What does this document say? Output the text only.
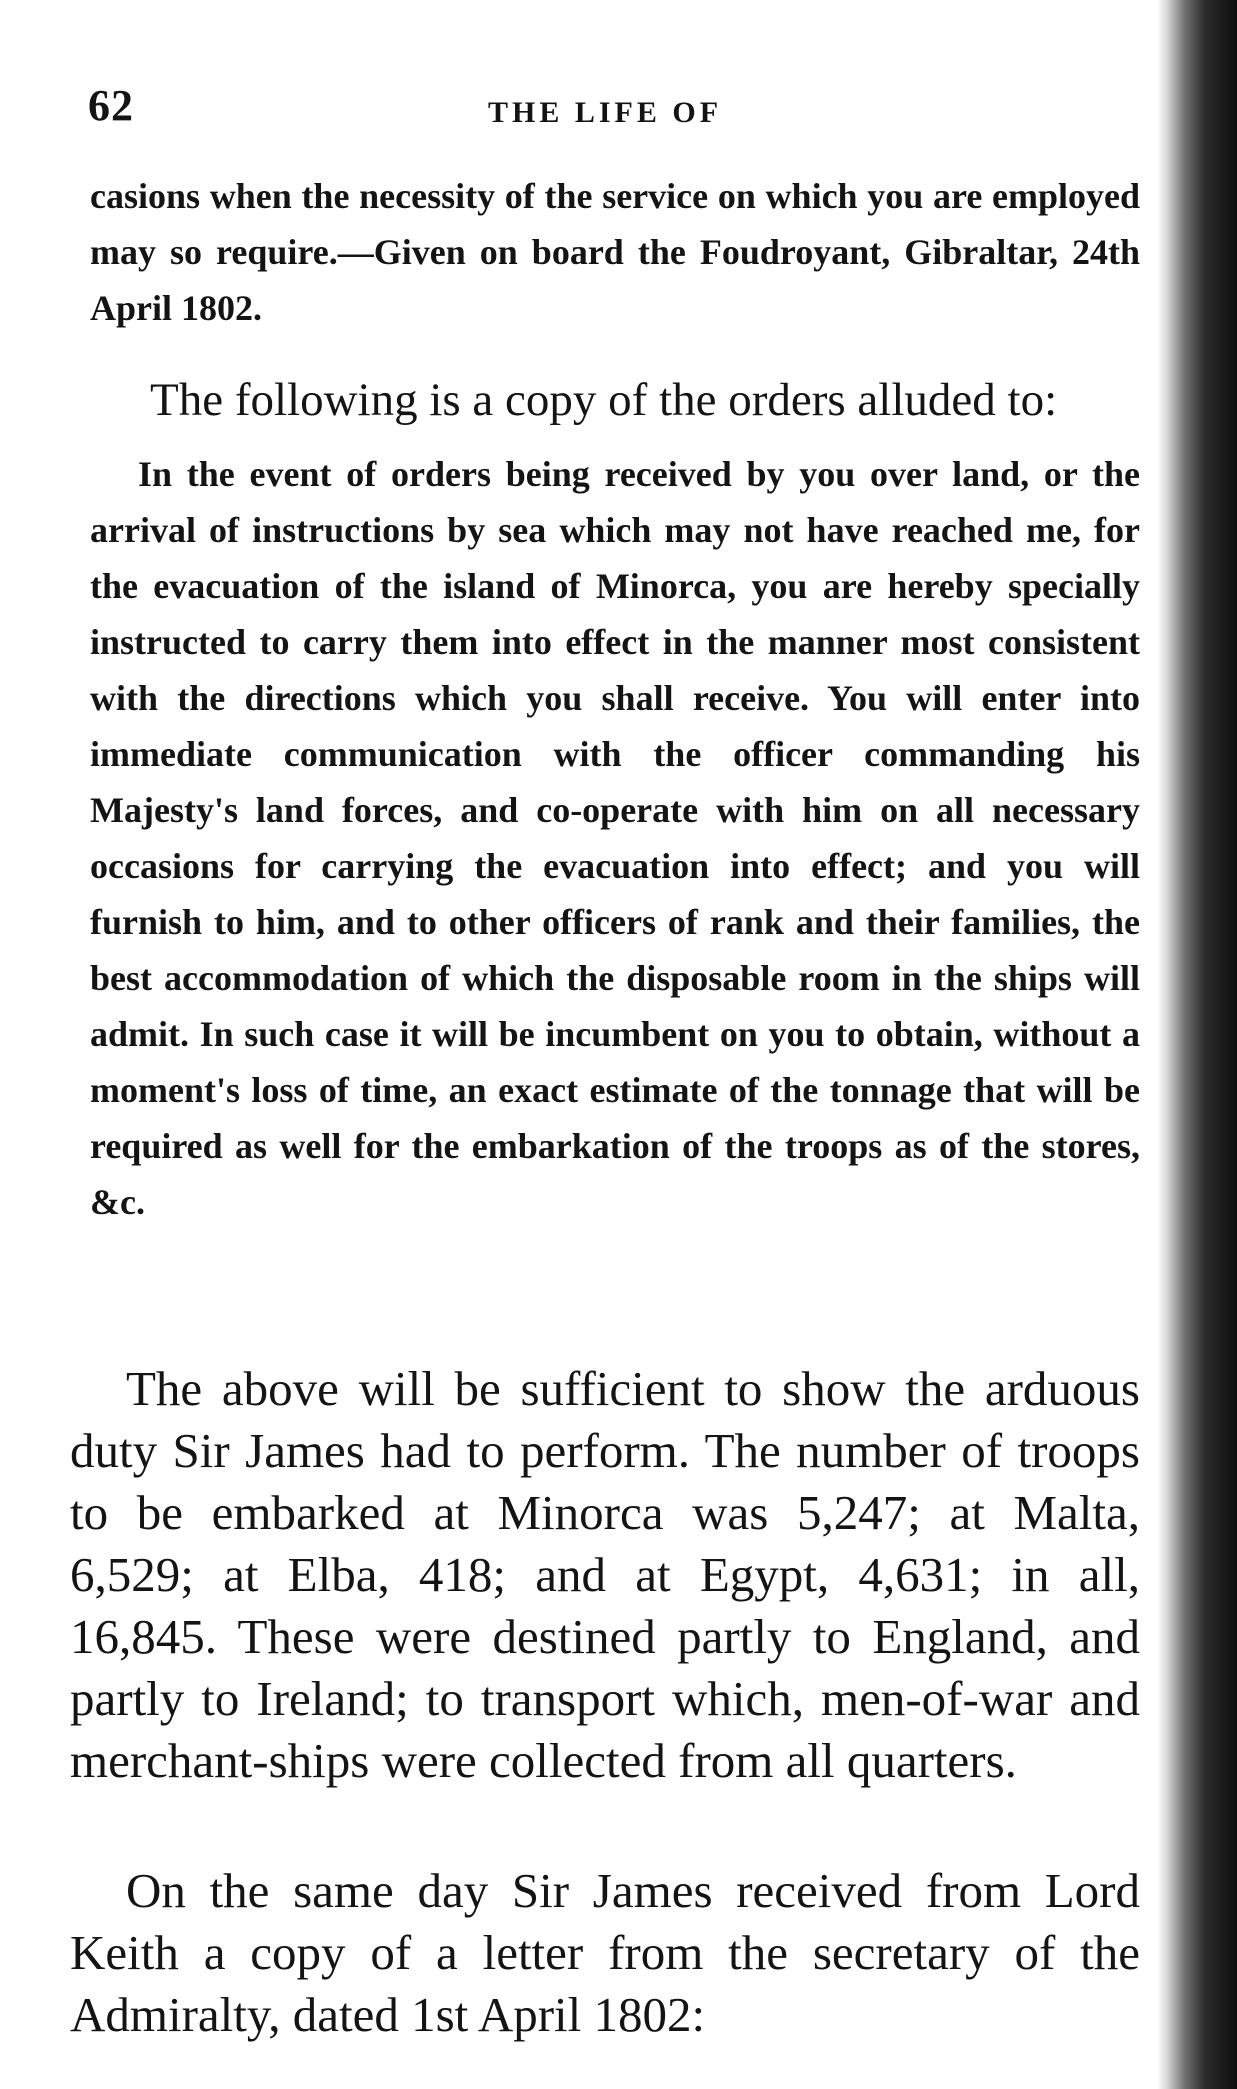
62	THE LIFE OF

casions when the necessity of the service on which you are employed may so require.—Given on board the Foudroyant, Gibraltar, 24th April 1802.

The following is a copy of the orders alluded to:

In the event of orders being received by you over land, or the arrival of instructions by sea which may not have reached me, for the evacuation of the island of Minorca, you are hereby specially instructed to carry them into effect in the manner most consistent with the directions which you shall receive. You will enter into immediate communication with the officer commanding his Majesty's land forces, and co-operate with him on all necessary occasions for carrying the evacuation into effect; and you will furnish to him, and to other officers of rank and their families, the best accommodation of which the disposable room in the ships will admit. In such case it will be incumbent on you to obtain, without a moment's loss of time, an exact estimate of the tonnage that will be required as well for the embarkation of the troops as of the stores, &c.

The above will be sufficient to show the arduous duty Sir James had to perform. The number of troops to be embarked at Minorca was 5,247; at Malta, 6,529; at Elba, 418; and at Egypt, 4,631; in all, 16,845. These were destined partly to England, and partly to Ireland; to transport which, men-of-war and merchant-ships were collected from all quarters.

On the same day Sir James received from Lord Keith a copy of a letter from the secretary of the Admiralty, dated 1st April 1802:
